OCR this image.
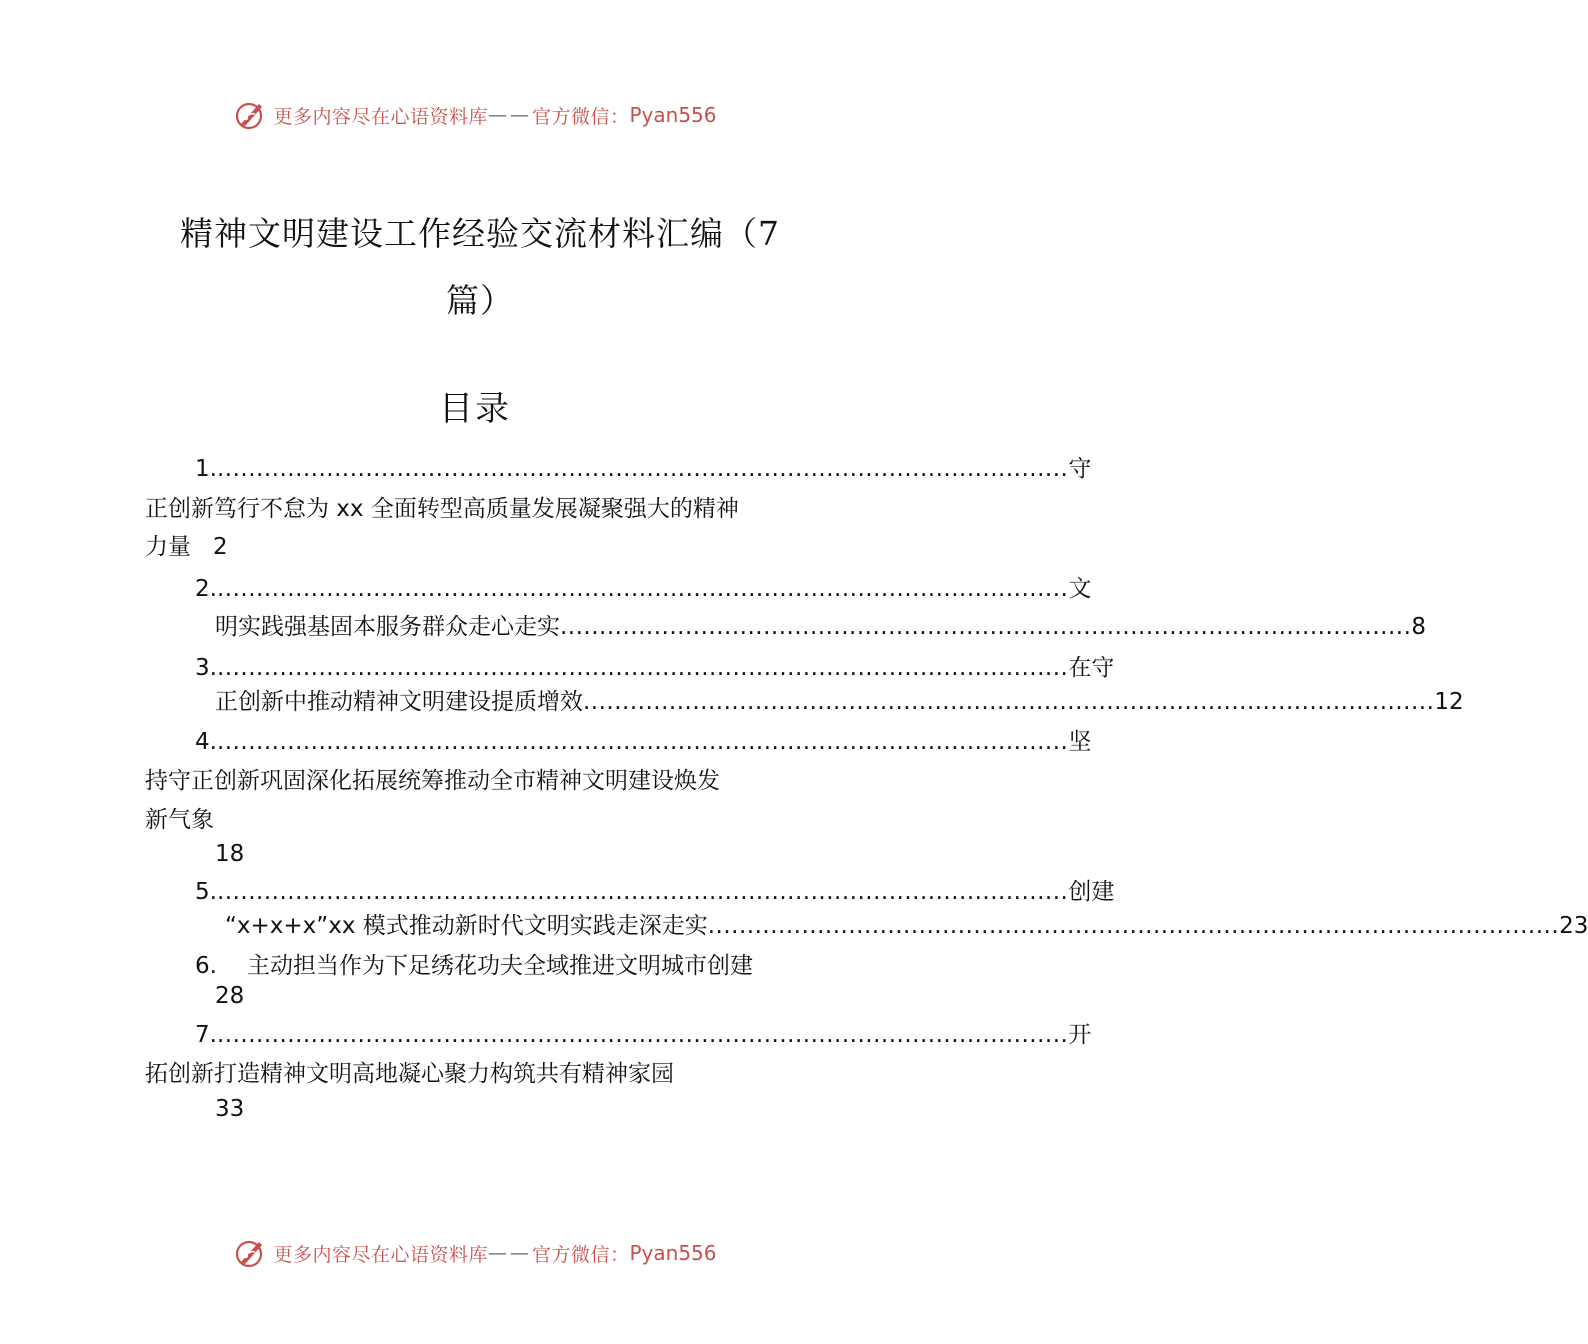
更多内容尽在心语资料库 —— 官方微信： Pyan556
精神文明建设工作经验交流材料汇编（7
篇）
目录
1. ............................................................................................................. 守
正创新笃行不怠为 xx 全面转型高质量发展凝聚强大的精神
力量 2
2. ............................................................................................................. 文
明实践强基固本服务群众走心走实 ............................................................................................................. 8
3. ............................................................................................................. 在守
正创新中推动精神文明建设提质增效 ............................................................................................................. 12
4. ............................................................................................................. 坚
持守正创新巩固深化拓展统筹推动全市精神文明建设焕发
新气象
18
5. ............................................................................................................. 创建
“x+x+x”xx 模式推动新时代文明实践走深走实 ............................................................................................................. 23
6. 主动担当作为下足绣花功夫全域推进文明城市创建
28
7. ............................................................................................................. 开
拓创新打造精神文明高地凝心聚力构筑共有精神家园
33
更多内容尽在心语资料库 —— 官方微信： Pyan556
